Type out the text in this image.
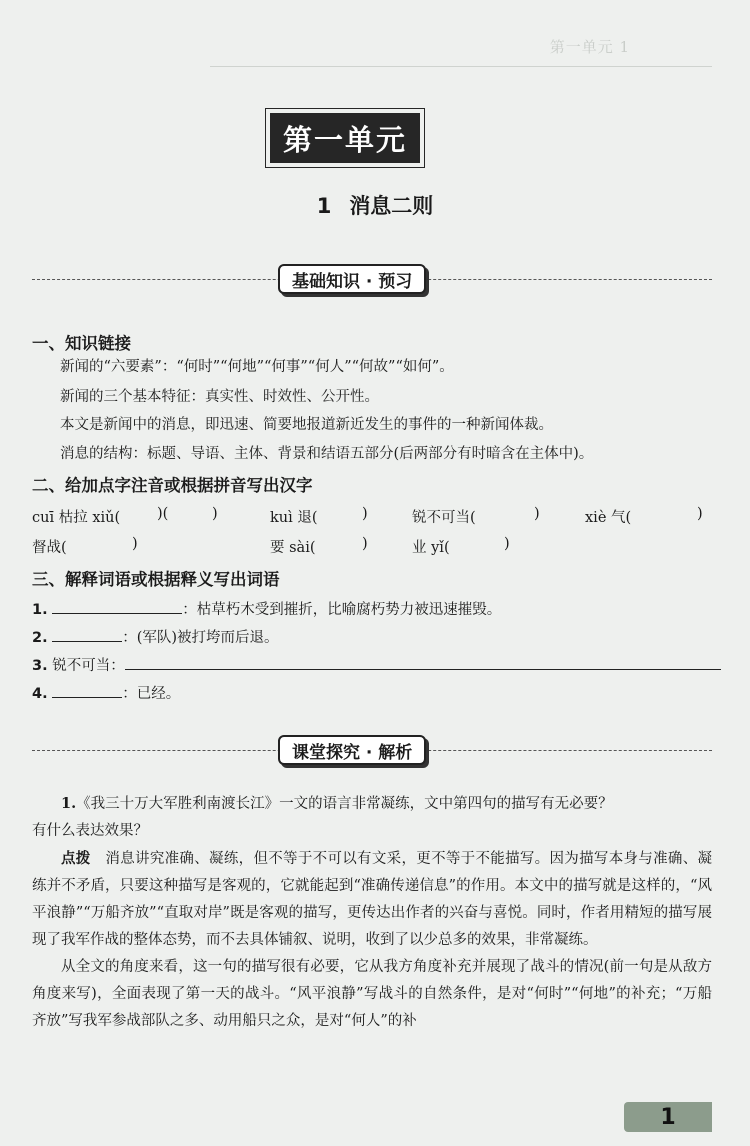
第一单元 1
第一单元
1 消息二则
基础知识 · 预习
一、知识链接
新闻的“六要素”：“何时”“何地”“何事”“何人”“何故”“如何”。
新闻的三个基本特征：真实性、时效性、公开性。
本文是新闻中的消息，即迅速、简要地报道新近发生的事件的一种新闻体裁。
消息的结构：标题、导语、主体、背景和结语五部分(后两部分有时暗含在主体中)。
二、给加点字注音或根据拼音写出汉字
cuī 枯拉 xiǔ(	)(	)	kuì 退(	)	锐不可当(	)	xiè 气(	)
督战(	)	要 sài(	)	业 yǐ(	)
三、解释词语或根据释义写出词语
1.	：枯草朽木受到摧折，比喻腐朽势力被迅速摧毁。
2.	：(军队)被打垮而后退。
3. 锐不可当：
4.	：已经。
课堂探究 · 解析

1.《我三十万大军胜利南渡长江》一文的语言非常凝练，文中第四句的描写有无必要？

有什么表达效果？

点拨　 消息讲究准确、凝练，但不等于不可以有文采，更不等于不能描写。因为描写本身与准确、凝练并不矛盾，只要这种描写是客观的，它就能起到“准确传递信息”的作用。本文中的描写就是这样的，“风平浪静”“万船齐放”“直取对岸”既是客观的描写，更传达出作者的兴奋与喜悦。同时，作者用精短的描写展现了我军作战的整体态势，而不去具体铺叙、说明，收到了以少总多的效果，非常凝练。

从全文的角度来看，这一句的描写很有必要，它从我方角度补充并展现了战斗的情况(前一句是从敌方角度来写)，全面表现了第一天的战斗。“风平浪静”写战斗的自然条件，是对“何时”“何地”的补充；“万船齐放”写我军参战部队之多、动用船只之众，是对“何人”的补

1
